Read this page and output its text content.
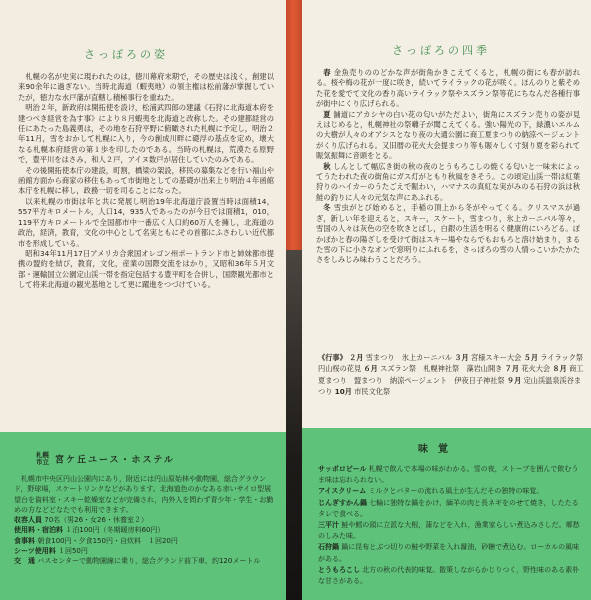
さっぽろの姿

札幌の名が史実に現われたのは，徳川幕府末期で，その歴史は浅く，創建以来90余年に過ぎない。当時北海道（蝦夷地）の領主権は松前藩が掌握していたが，徳力な水戸藩が直轄し積極事行を重ねた。

明治２年，新政府は開拓使を設け，松浦武四郎の建議《石狩に北海道本府を建つべき経営を為す事》により８月蝦夷を北海道と改称した。その建都経営の任にあたった島義勇は，その地を石狩平野に俯瞰された札幌に予定し，明治２年11月，雪をおかして札幌に入り，今の創成川畔に礎浮の基点を定め，壊大なる札幌本府経営の第１歩を印したのである。当時の札幌は，荒漠たる原野で，豊平川をはさみ，和人２戸，アイヌ数戸が居住していたのみである。

その後開拓使本庁の建設，町割，橋梁の架設，移民の募集などを行い福山や函館方面から商家の移住もあって市街地としての基礎が出来上り明治４年函館本庁を札幌に移し，政務一切を司ることになった。

以来札幌の市街は年と共に発展し明治19年北海道庁設置当時は面積14，557平方キロメートル，人口14，935人であったのが今日では面積1，010，119平方キロメートルで全国都市中一番広く人口約60万人を擁し，北海道の政治，経済，教育，文化の中心として名実ともにその首都にふさわしい近代都市を形成している。

昭和34年11月17日アメリカ合衆国オレゴン州ポートランド市と姉妹都市提携の盟約を結び，教育，文化，産業の国際交流をはかり，又昭和36年５月文部・運輸国立公園定山渓一帯を指定包括する豊平町を合併し，国際観光都市として将来北海道の観光基地として更に躍進をつづけている。

札幌
市立 宮ケ丘ユース・ホステル
札幌市中央区円山公園内にあり，附近には円山原始林や動物園，総合グラウンド，野球場，スケートリンクなどがあります。北海道色のかなある赤いサイロ型展望台を資料室・スキー乾燥室などが完備され，内外人を問わず青少年・学生・お勤めの方などどなたでも利用できます。
収容人員 70名（男26・女26・休養室２）
使用料・宿泊料 １泊100円（冬期暖房料60円）
食事料 朝食100円・夕食150円・自炊料　１回20円
シーツ使用料 １回50円
交　通 バスセンターで動物園線に乗り，総合グランド前下車，約120メートル
さっぽろの四季

春 金魚売りののどかな声が街角かきこえてくると，札幌の街にも春が訪れる。桜や梅の花が一度に咲き，続いてライラックの花が咲く。ほんのりと紫そめた花を愛でて文化の香り高いライラック祭やスズラン祭等花にちなんだ各種行事が街中にくり広げられる。

夏 舗道にアカシヤの白い花の匂いがただよい，街角にスズラン売りの姿が見えはじめると，札幌神社の祭囃子が聞こえてくる。強い陽光の下，緑濃いエルムの大樹が人々のオアシスとなり夜の大通公園に商工夏まつりの納涼ページェントがくり広げられる。又旧暦の花火大会提まつり等も賑々しく寸刻り夏を彩られて賑気振舞に音頭をとる。

秋 しんとして幅広き街の秋の夜のとうもろこしの焼くる匂いと一味未によってうたわれた夜の街角にガス灯がともり秋風をきそう。この頃定山渓一帯は紅葉狩りのハイカーのうたごえで賑わい，ハマナスの真紅な実がみのる石狩の浜は秋鮭の釣りに人々の元気な声にあふれる。

冬 雪虫がとび始めると，手稲の頂上から冬がやってくる。クリスマスが過ぎ，新しい年を迎えると，スキー，スケート，雪まつり，氷上カーニバル等々，雪国の人々は灰色の空を吹きとばし，白銀の生活を明るく健康的にいろどる。ぽかぽかと春の陽ざしを受けて街はスキー場やならでもおもろと溶け始まり，まるた雪の下に小さなオンで窓明りにふれるを，さっぽろの雪の人情っこいかたかたさをしみじみ味わうことだろう。

《行事》 ２月 雪まつり　氷上カーニバル ３月 宮様スキー大会 ５月 ライラック祭　円山桜の花見 ６月 スズラン祭　札幌神社祭　藻岩山開き ７月 花火大会 ８月 商工夏まつり　盟まつり　納涼ページェント　伊夜日子神社祭 ９月 定山渓温泉渓谷まつり 10月 市民文化祭
味覚
サッポロビール 札幌で飲んで本場の味がわかる。雪の夜，ストーブを囲んで飲むうま味は忘れられない。
アイスクリーム ミルクとバターの流れる風土が生んだその独特の味覚。
じんぎすかん鍋 七輪に独特な鍋をかけ，緬羊の肉と長ネギをのせて焼き，したたるタレで食べる。
三平汁 鮭や鱈の頭に立派な大根，蒲などを入れ，漁業家らしい煮込みさしだ。郷愁のしみた味。
石狩鍋 鍋に昆布とぶつ切りの鮭や野菜を入れ醤油，砂糖で煮込む。ローカルの風味がある。
とうもろこし 北方の秋の代表的味覚。散策しながらかじりつく，野性味のある素朴な甘さがある。
